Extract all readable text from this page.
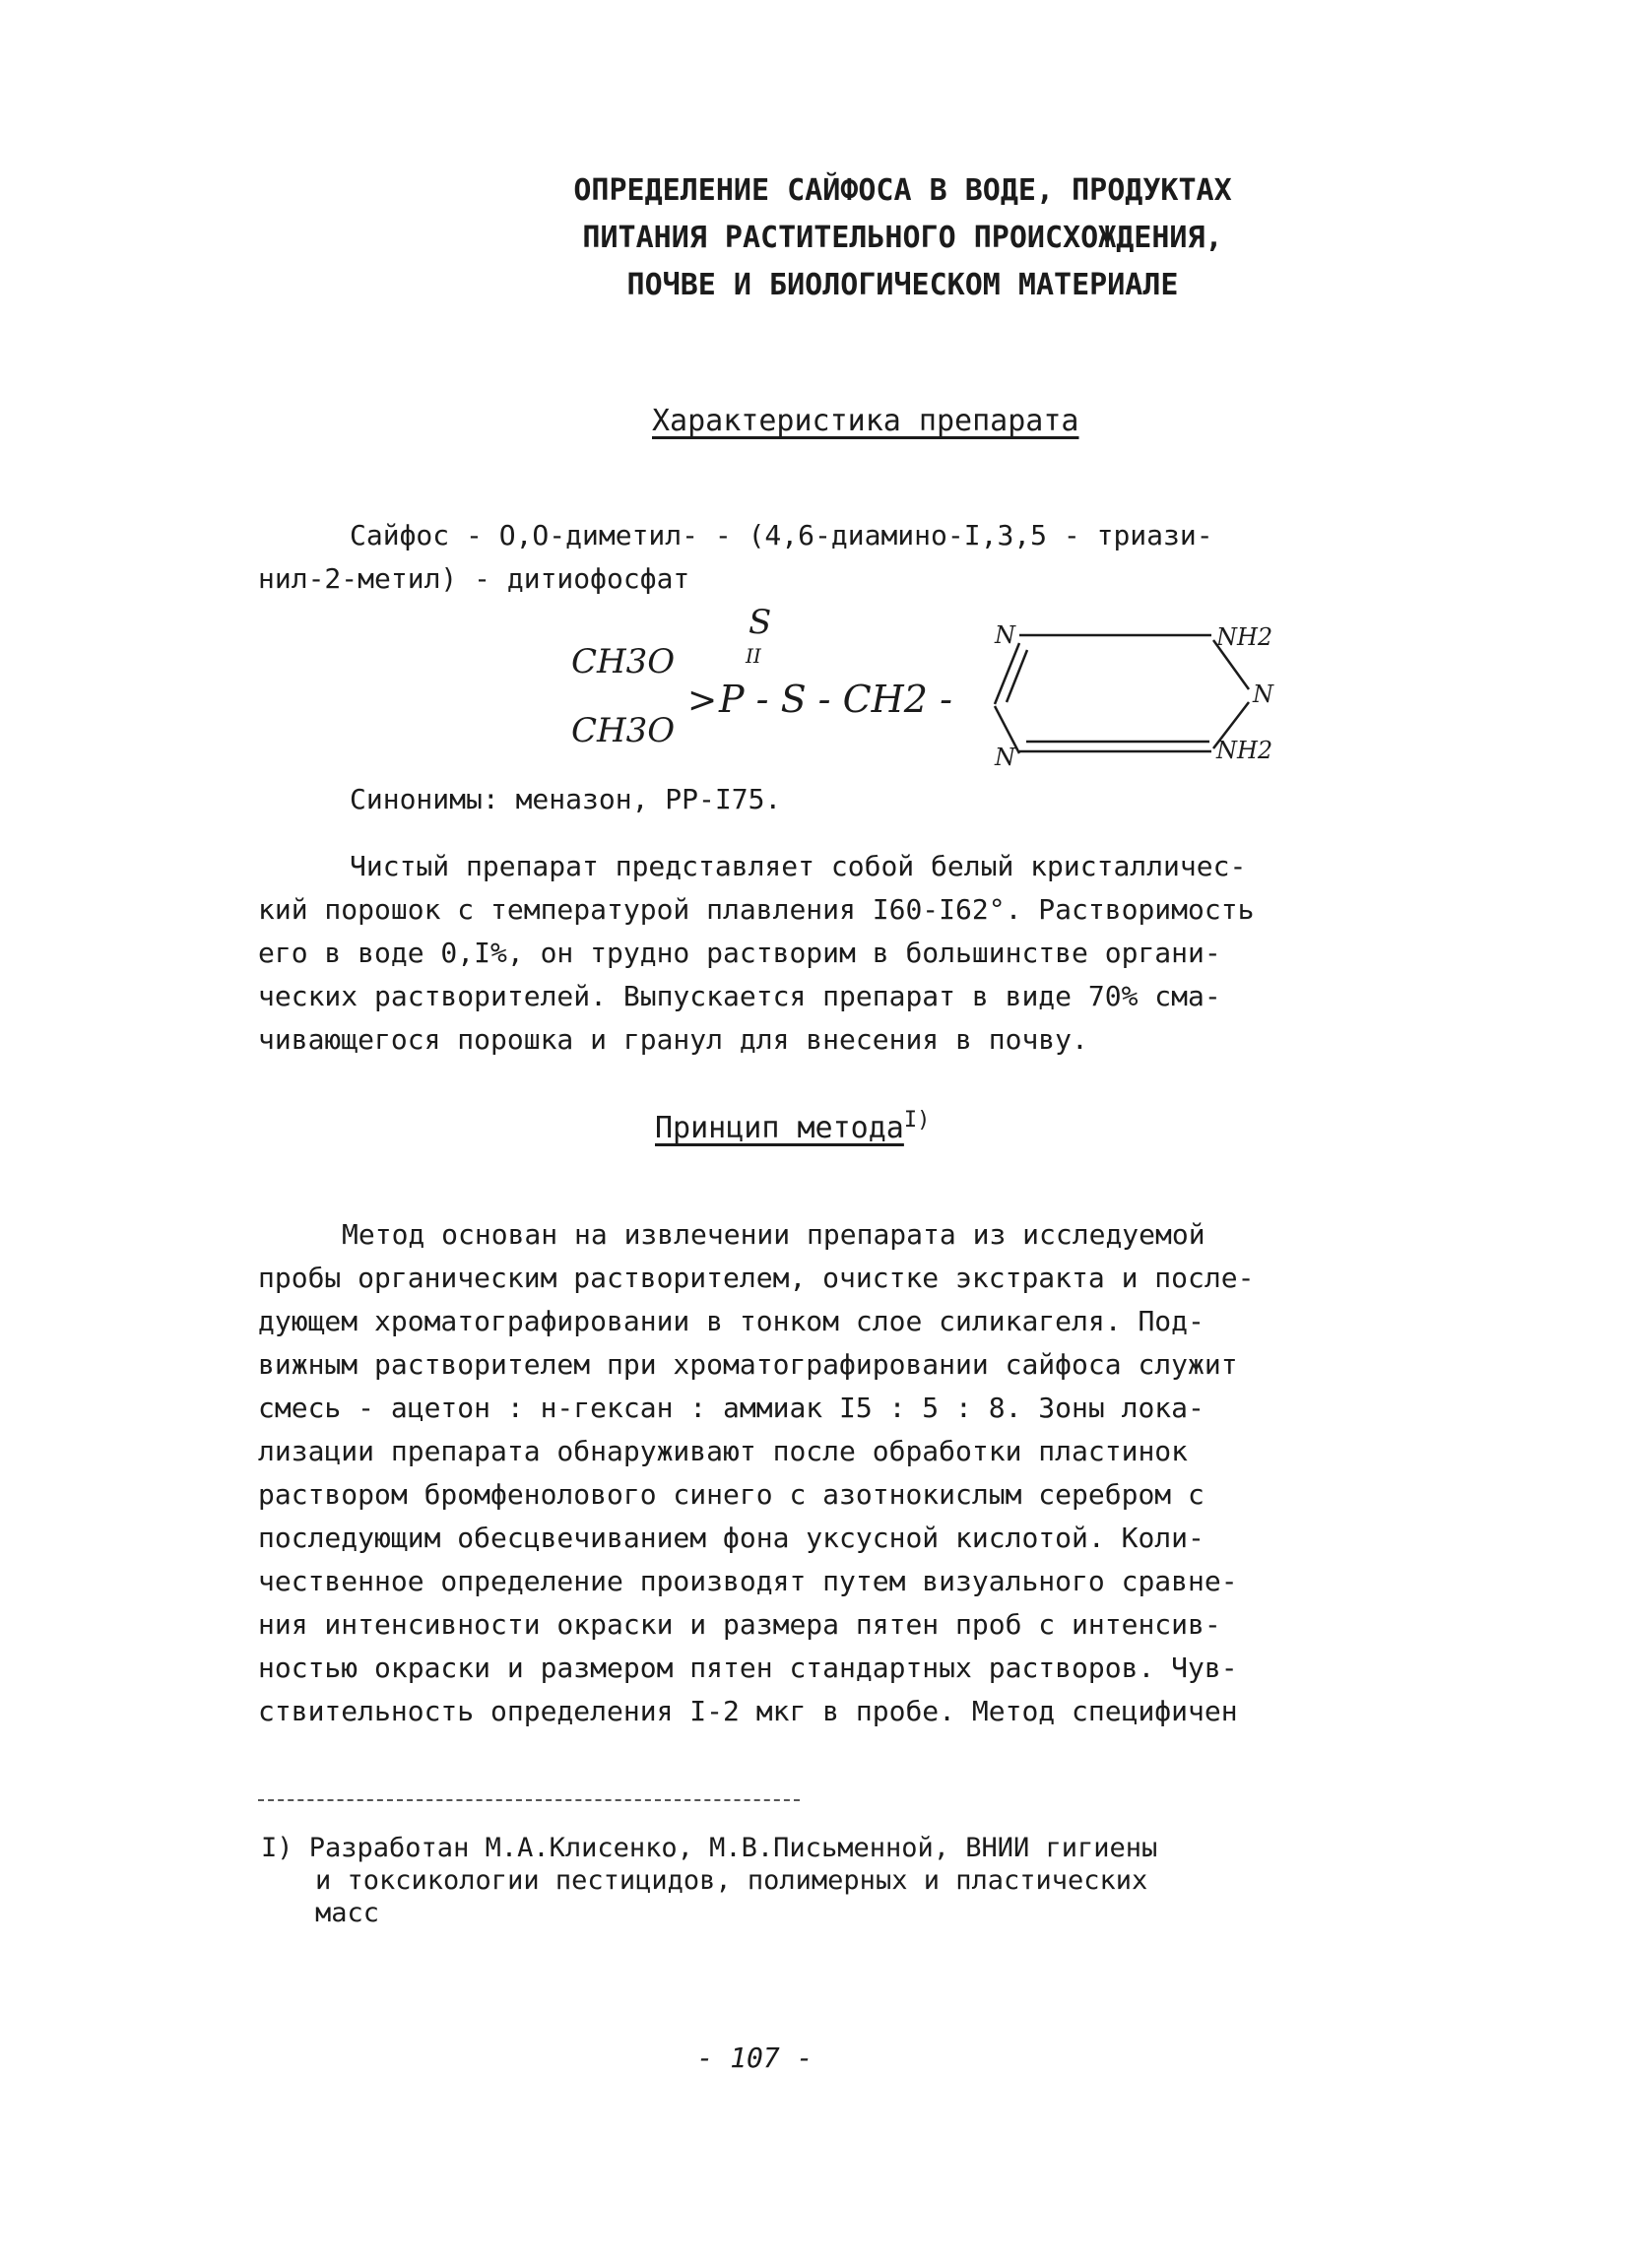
ОПРЕДЕЛЕНИЕ САЙФОСА В ВОДЕ, ПРОДУКТАХ
ПИТАНИЯ РАСТИТЕЛЬНОГО ПРОИСХОЖДЕНИЯ,
ПОЧВЕ И БИОЛОГИЧЕСКОМ МАТЕРИАЛЕ
Характеристика препарата
Сайфос - О,О-диметил- - (4,6-диамино-I,3,5 - триази-
нил-2-метил) - дитиофосфат
S
II
CH3O
CH3O
> P - S - CH2 -
N	NH2
N
N	NH2
Синонимы: меназон, РР-I75.
Чистый препарат представляет собой белый кристалличес-
кий порошок с температурой плавления I60-I62°. Растворимость
его в воде 0,I%, он трудно растворим в большинстве органи-
ческих растворителей. Выпускается препарат в виде 70% сма-
чивающегося порошка и гранул для внесения в почву.
Принцип метода$^{I)}$
Метод основан на извлечении препарата из исследуемой
пробы органическим растворителем, очистке экстракта и после-
дующем хроматографировании в тонком слое силикагеля. Под-
вижным растворителем при хроматографировании сайфоса служит
смесь - ацетон : н-гексан : аммиак I5 : 5 : 8. Зоны лока-
лизации препарата обнаруживают после обработки пластинок
раствором бромфенолового синего с азотнокислым серебром с
последующим обесцвечиванием фона уксусной кислотой. Коли-
чественное определение производят путем визуального сравне-
ния интенсивности окраски и размера пятен проб с интенсив-
ностью окраски и размером пятен стандартных растворов. Чув-
ствительность определения I-2 мкг в пробе. Метод специфичен
I) Разработан М.А.Клисенко, М.В.Письменной, ВНИИ гигиены
и токсикологии пестицидов, полимерных и пластических
масс
- 107 -
